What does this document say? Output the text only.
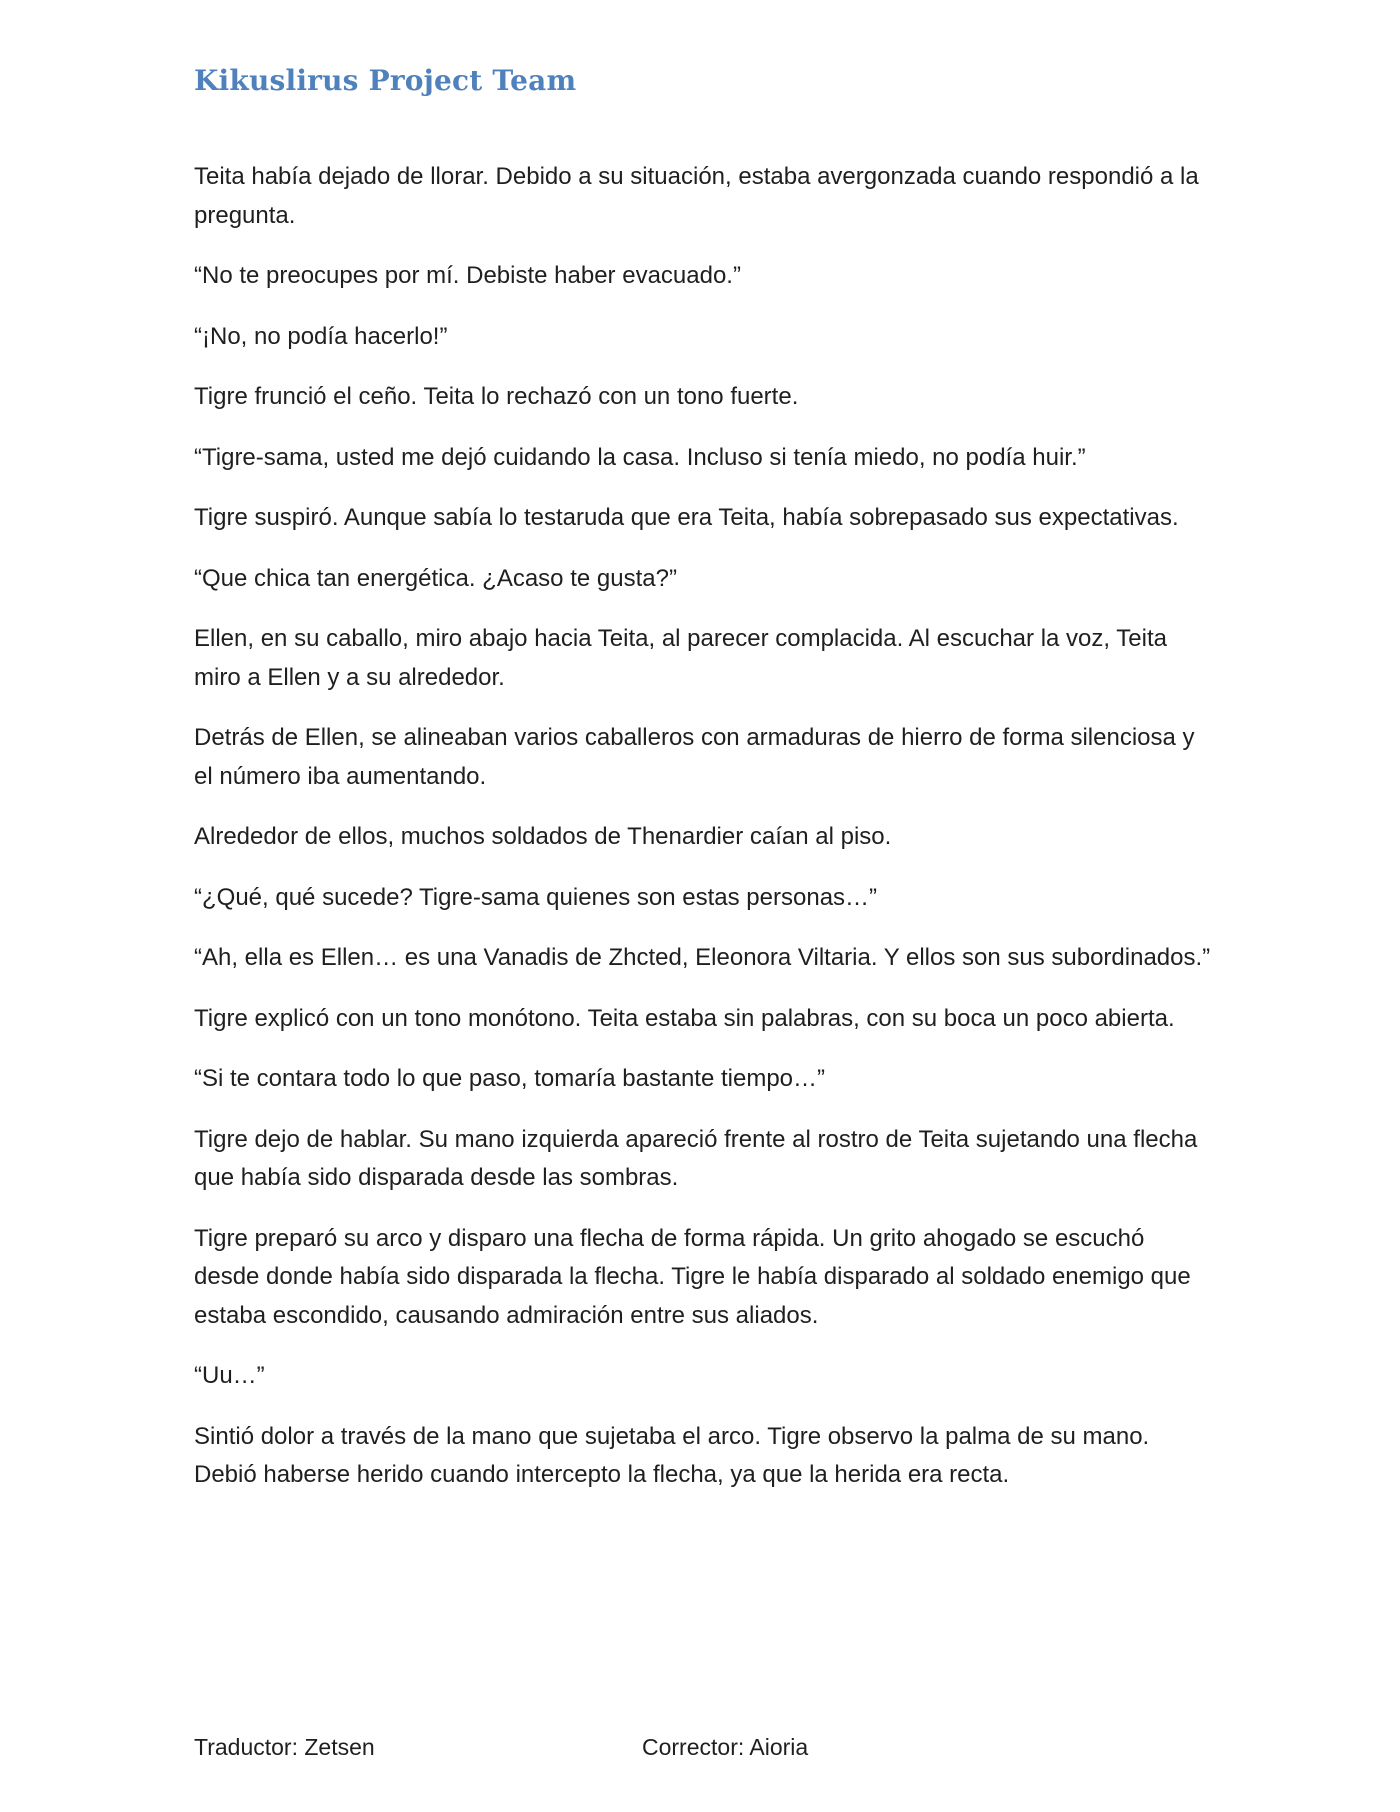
Kikuslirus Project Team

Teita había dejado de llorar. Debido a su situación, estaba avergonzada cuando respondió a la pregunta.

“No te preocupes por mí. Debiste haber evacuado.”

“¡No, no podía hacerlo!”

Tigre frunció el ceño. Teita lo rechazó con un tono fuerte.

“Tigre-sama, usted me dejó cuidando la casa. Incluso si tenía miedo, no podía huir.”

Tigre suspiró. Aunque sabía lo testaruda que era Teita, había sobrepasado sus expectativas.

“Que chica tan energética. ¿Acaso te gusta?”

Ellen, en su caballo, miro abajo hacia Teita, al parecer complacida. Al escuchar la voz, Teita miro a Ellen y a su alrededor.

Detrás de Ellen, se alineaban varios caballeros con armaduras de hierro de forma silenciosa y el número iba aumentando.

Alrededor de ellos, muchos soldados de Thenardier caían al piso.

“¿Qué, qué sucede? Tigre-sama quienes son estas personas…”

“Ah, ella es Ellen… es una Vanadis de Zhcted, Eleonora Viltaria. Y ellos son sus subordinados.”

Tigre explicó con un tono monótono. Teita estaba sin palabras, con su boca un poco abierta.

“Si te contara todo lo que paso, tomaría bastante tiempo…”

Tigre dejo de hablar. Su mano izquierda apareció frente al rostro de Teita sujetando una flecha que había sido disparada desde las sombras.

Tigre preparó su arco y disparo una flecha de forma rápida. Un grito ahogado se escuchó desde donde había sido disparada la flecha. Tigre le había disparado al soldado enemigo que estaba escondido, causando admiración entre sus aliados.

“Uu…”

Sintió dolor a través de la mano que sujetaba el arco. Tigre observo la palma de su mano. Debió haberse herido cuando intercepto la flecha, ya que la herida era recta.

Traductor: Zetsen	Corrector: Aioria
